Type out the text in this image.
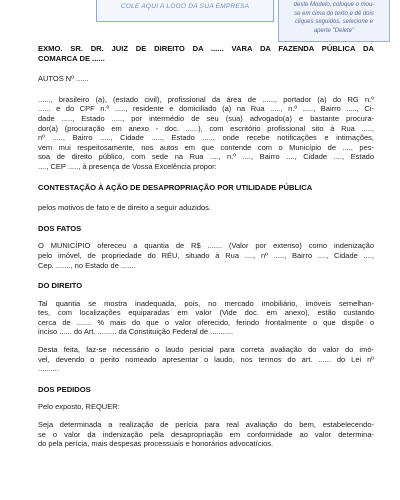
COLE AQUI A LOGO DA SUA EMPRESA	deste Modelo, coloque o mou-
se em cima do texto e dê dois
cliques seguidos, selecione e
aperte "Delete"
EXMO. SR. DR. JUIZ DE DIREITO DA ...... VARA DA FAZENDA PÚBLICA DA
COMARCA DE ......

AUTOS Nº ......

......, brasileiro (a), (estado civil), profissional da área de ......, portador (a) do RG n.º
...... e do CPF n.º ....., residente e domiciliado (a) na Rua ....., n.º ....., Bairro ....., Ci-
dade ....., Estado ....., por intermédio de seu (sua) advogado(a) e bastante procura-
dor(a) (procuração em anexo - doc. ......), com escritório profissional sito à Rua .....,
nº ....., Bairro ....., Cidade ....., Estado ....., onde recebe notificações e intimações,
vem mui respeitosamente, nos autos em que contende com o Município de ...., pes-
soa de direito público, com sede na Rua ...., n.º ...., Bairro ...., Cidade ...., Estado
...., CEP ....., à presença de Vossa Excelência propor:
CONTESTAÇÃO À AÇÃO DE DESAPROPRIAÇÃO POR UTILIDADE PÚBLICA

pelos motivos de fato e de direito a seguir aduzidos.

DOS FATOS
O MUNICÍPIO ofereceu a quantia de R$ ....... (Valor por extenso) como indenização
pelo imóvel, de propriedade do RÉU, situado à Rua ...., nº ....., Bairro ...., Cidade ....,
Cep. ......., no Estado de .......
DO DIREITO
Tal quantia se mostra inadequada, pois, no mercado imobiliário, imóveis semelhan-
tes, com localizações equiparadas em valor (Vide doc. em anexo), estão custando
cerca de ....... % mais do que o valor oferecido, ferindo frontalmente o que dispõe o
inciso ...... do Art. ......... da Constituição Federal de ...........
Desta feita, faz-se necessário o laudo pericial para correta avaliação do valor do imó-
vel, devendo o perito nomeado apresentar o laudo, nos termos do art. ...... do Lei nº
..........
DOS PEDIDOS

Pelo exposto, REQUER:

Seja determinada a realização de perícia para real avaliação do bem, estabelecendo-
se o valor da indenização pela desapropriação em conformidade ao valor determina-
do pela perícia, mais despesas processuais e honorários advocatícios.
